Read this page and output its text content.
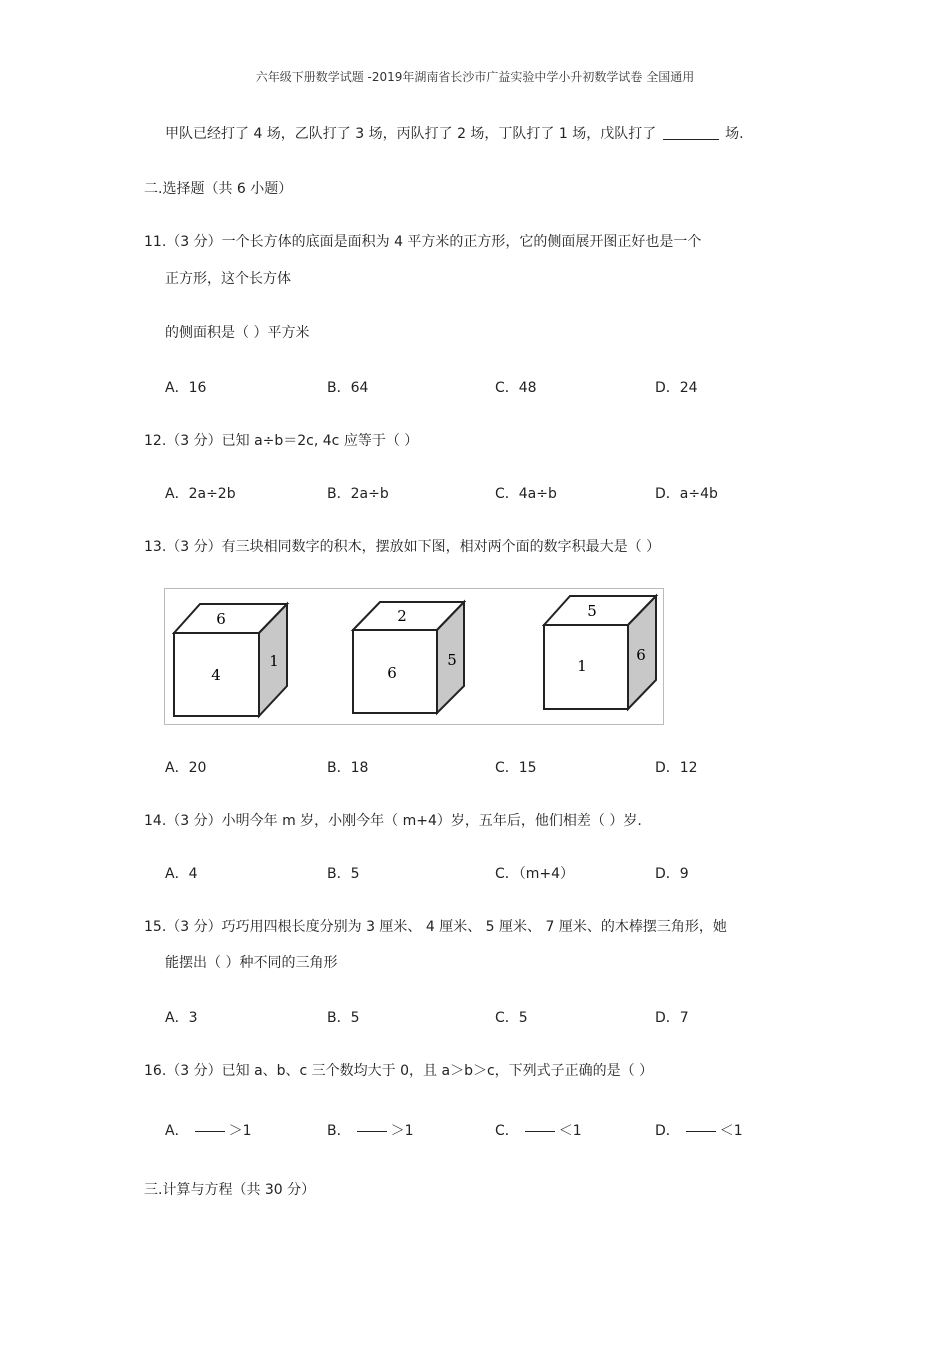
六年级下册数学试题 -2019年湖南省长沙市广益实验中学小升初数学试卷 全国通用
甲队已经打了 4 场，乙队打了 3 场，丙队打了 2 场，丁队打了 1 场，戊队打了	场.
二.选择题（共 6 小题）
11.（3 分）一个长方体的底面是面积为 4 平方米的正方形，它的侧面展开图正好也是一个
正方形，这个长方体
的侧面积是（ ）平方米
A．16	B．64	C．48	D．24
12.（3 分）已知 a÷b＝2c, 4c 应等于（ ）
A．2a÷2b	B．2a÷b	C．4a÷b	D．a÷4b
13.（3 分）有三块相同数字的积木，摆放如下图，相对两个面的数字积最大是（ ）
6
4
1
2
6
5
5
1
6
A．20	B．18	C．15	D．12
14.（3 分）小明今年 m 岁，小刚今年（ m+4）岁，五年后，他们相差（ ）岁.
A．4	B．5	C．（m+4）	D．9
15.（3 分）巧巧用四根长度分别为 3 厘米、 4 厘米、 5 厘米、 7 厘米、的木棒摆三角形，她
能摆出（ ）种不同的三角形
A．3	B．5	C．5	D．7
16.（3 分）已知 a、b、c 三个数均大于 0，且 a＞b＞c，下列式子正确的是（ ）
A．	＞1	B．	＞1	C．	＜1	D．	＜1
三.计算与方程（共 30 分）
